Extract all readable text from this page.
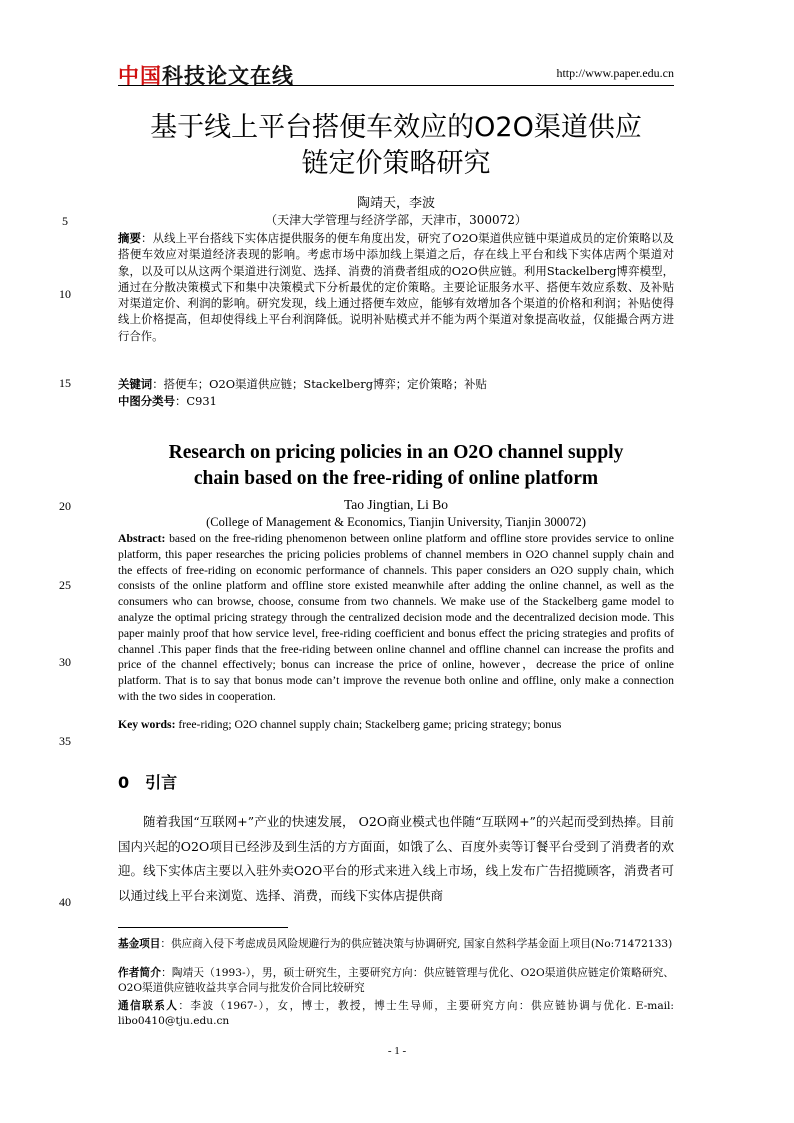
中国科技论文在线	http://www.paper.edu.cn
基于线上平台搭便车效应的O2O渠道供应
链定价策略研究
陶靖天，李波
（天津大学管理与经济学部，天津市，300072）
摘要：从线上平台搭线下实体店提供服务的便车角度出发，研究了O2O渠道供应链中渠道成员的定价策略以及搭便车效应对渠道经济表现的影响。考虑市场中添加线上渠道之后，存在线上平台和线下实体店两个渠道对象，以及可以从这两个渠道进行浏览、选择、消费的消费者组成的O2O供应链。利用Stackelberg博弈模型，通过在分散决策模式下和集中决策模式下分析最优的定价策略。主要论证服务水平、搭便车效应系数、及补贴对渠道定价、利润的影响。研究发现，线上通过搭便车效应，能够有效增加各个渠道的价格和利润；补贴使得线上价格提高，但却使得线上平台利润降低。说明补贴模式并不能为两个渠道对象提高收益，仅能撮合两方进行合作。
关键词：搭便车；O2O渠道供应链；Stackelberg博弈；定价策略；补贴
中图分类号：C931
Research on pricing policies in an O2O channel supply
chain based on the free-riding of online platform
Tao Jingtian, Li Bo
(College of Management & Economics, Tianjin University, Tianjin 300072)
Abstract: based on the free-riding phenomenon between online platform and offline store provides service to online platform, this paper researches the pricing policies problems of channel members in O2O channel supply chain and the effects of free-riding on economic performance of channels. This paper considers an O2O supply chain, which consists of the online platform and offline store existed meanwhile after adding the online channel, as well as the consumers who can browse, choose, consume from two channels. We make use of the Stackelberg game model to analyze the optimal pricing strategy through the centralized decision mode and the decentralized decision mode. This paper mainly proof that how service level, free-riding coefficient and bonus effect the pricing strategies and profits of channel .This paper finds that the free-riding between online channel and offline channel can increase the profits and price of the channel effectively; bonus can increase the price of online, however，decrease the price of online platform. That is to say that bonus mode can’t improve the revenue both online and offline, only make a connection with the two sides in cooperation.
Key words: free-riding; O2O channel supply chain; Stackelberg game; pricing strategy; bonus
0 引言
随着我国“互联网+”产业的快速发展， O2O商业模式也伴随“互联网+”的兴起而受到热捧。目前国内兴起的O2O项目已经涉及到生活的方方面面，如饿了么、百度外卖等订餐平台受到了消费者的欢迎。线下实体店主要以入驻外卖O2O平台的形式来进入线上市场，线上发布广告招揽顾客，消费者可以通过线上平台来浏览、选择、消费，而线下实体店提供商
基金项目：供应商入侵下考虑成员风险规避行为的供应链决策与协调研究, 国家自然科学基金面上项目(No:71472133)
作者简介：陶靖天（1993-），男，硕士研究生，主要研究方向：供应链管理与优化、O2O渠道供应链定价策略研究、O2O渠道供应链收益共享合同与批发价合同比较研究
通信联系人：李波（1967-），女，博士，教授，博士生导师，主要研究方向：供应链协调与优化. E-mail: libo0410@tju.edu.cn
5
10
15
20
25
30
35
40
- 1 -
